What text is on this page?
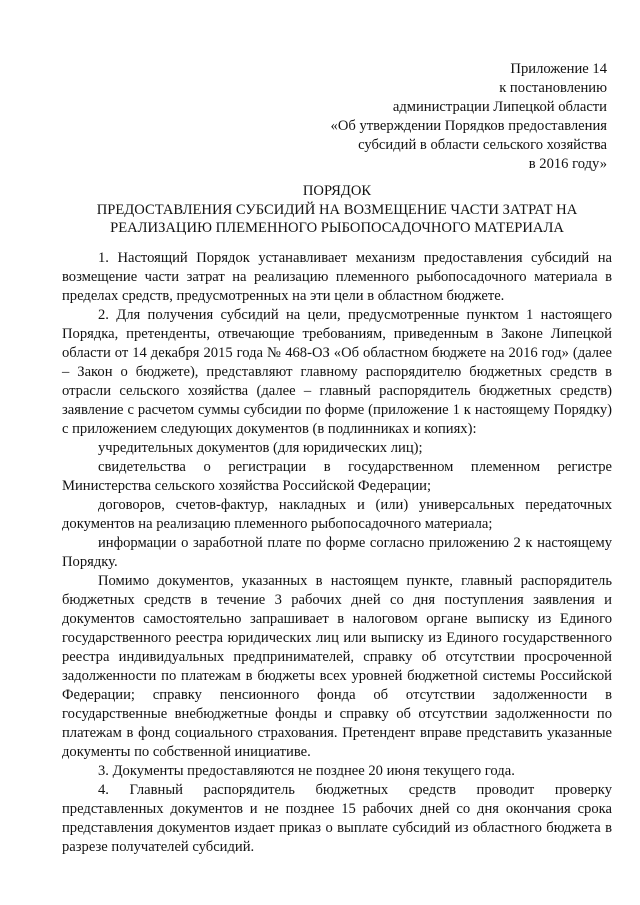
Приложение 14
к постановлению
администрации Липецкой области
«Об утверждении Порядков предоставления
субсидий в области сельского хозяйства
в 2016 году»
ПОРЯДОК
ПРЕДОСТАВЛЕНИЯ СУБСИДИЙ НА ВОЗМЕЩЕНИЕ ЧАСТИ ЗАТРАТ НА
РЕАЛИЗАЦИЮ ПЛЕМЕННОГО РЫБОПОСАДОЧНОГО МАТЕРИАЛА

1. Настоящий Порядок устанавливает механизм предоставления субсидий на возмещение части затрат на реализацию племенного рыбопосадочного материала в пределах средств, предусмотренных на эти цели в областном бюджете.

2. Для получения субсидий на цели, предусмотренные пунктом 1 настоящего Порядка, претенденты, отвечающие требованиям, приведенным в Законе Липецкой области от 14 декабря 2015 года № 468-ОЗ «Об областном бюджете на 2016 год» (далее – Закон о бюджете), представляют главному распорядителю бюджетных средств в отрасли сельского хозяйства (далее – главный распорядитель бюджетных средств) заявление с расчетом суммы субсидии по форме (приложение 1 к настоящему Порядку) с приложением следующих документов (в подлинниках и копиях):

учредительных документов (для юридических лиц);

свидетельства о регистрации в государственном племенном регистре Министерства сельского хозяйства Российской Федерации;

договоров, счетов-фактур, накладных и (или) универсальных передаточных документов на реализацию племенного рыбопосадочного материала;

информации о заработной плате по форме согласно приложению 2 к настоящему Порядку.

Помимо документов, указанных в настоящем пункте, главный распорядитель бюджетных средств в течение 3 рабочих дней со дня поступления заявления и документов самостоятельно запрашивает в налоговом органе выписку из Единого государственного реестра юридических лиц или выписку из Единого государственного реестра индивидуальных предпринимателей, справку об отсутствии просроченной задолженности по платежам в бюджеты всех уровней бюджетной системы Российской Федерации; справку пенсионного фонда об отсутствии задолженности в государственные внебюджетные фонды и справку об отсутствии задолженности по платежам в фонд социального страхования. Претендент вправе представить указанные документы по собственной инициативе.

3. Документы предоставляются не позднее 20 июня текущего года.

4. Главный распорядитель бюджетных средств проводит проверку представленных документов и не позднее 15 рабочих дней со дня окончания срока представления документов издает приказ о выплате субсидий из областного бюджета в разрезе получателей субсидий.
